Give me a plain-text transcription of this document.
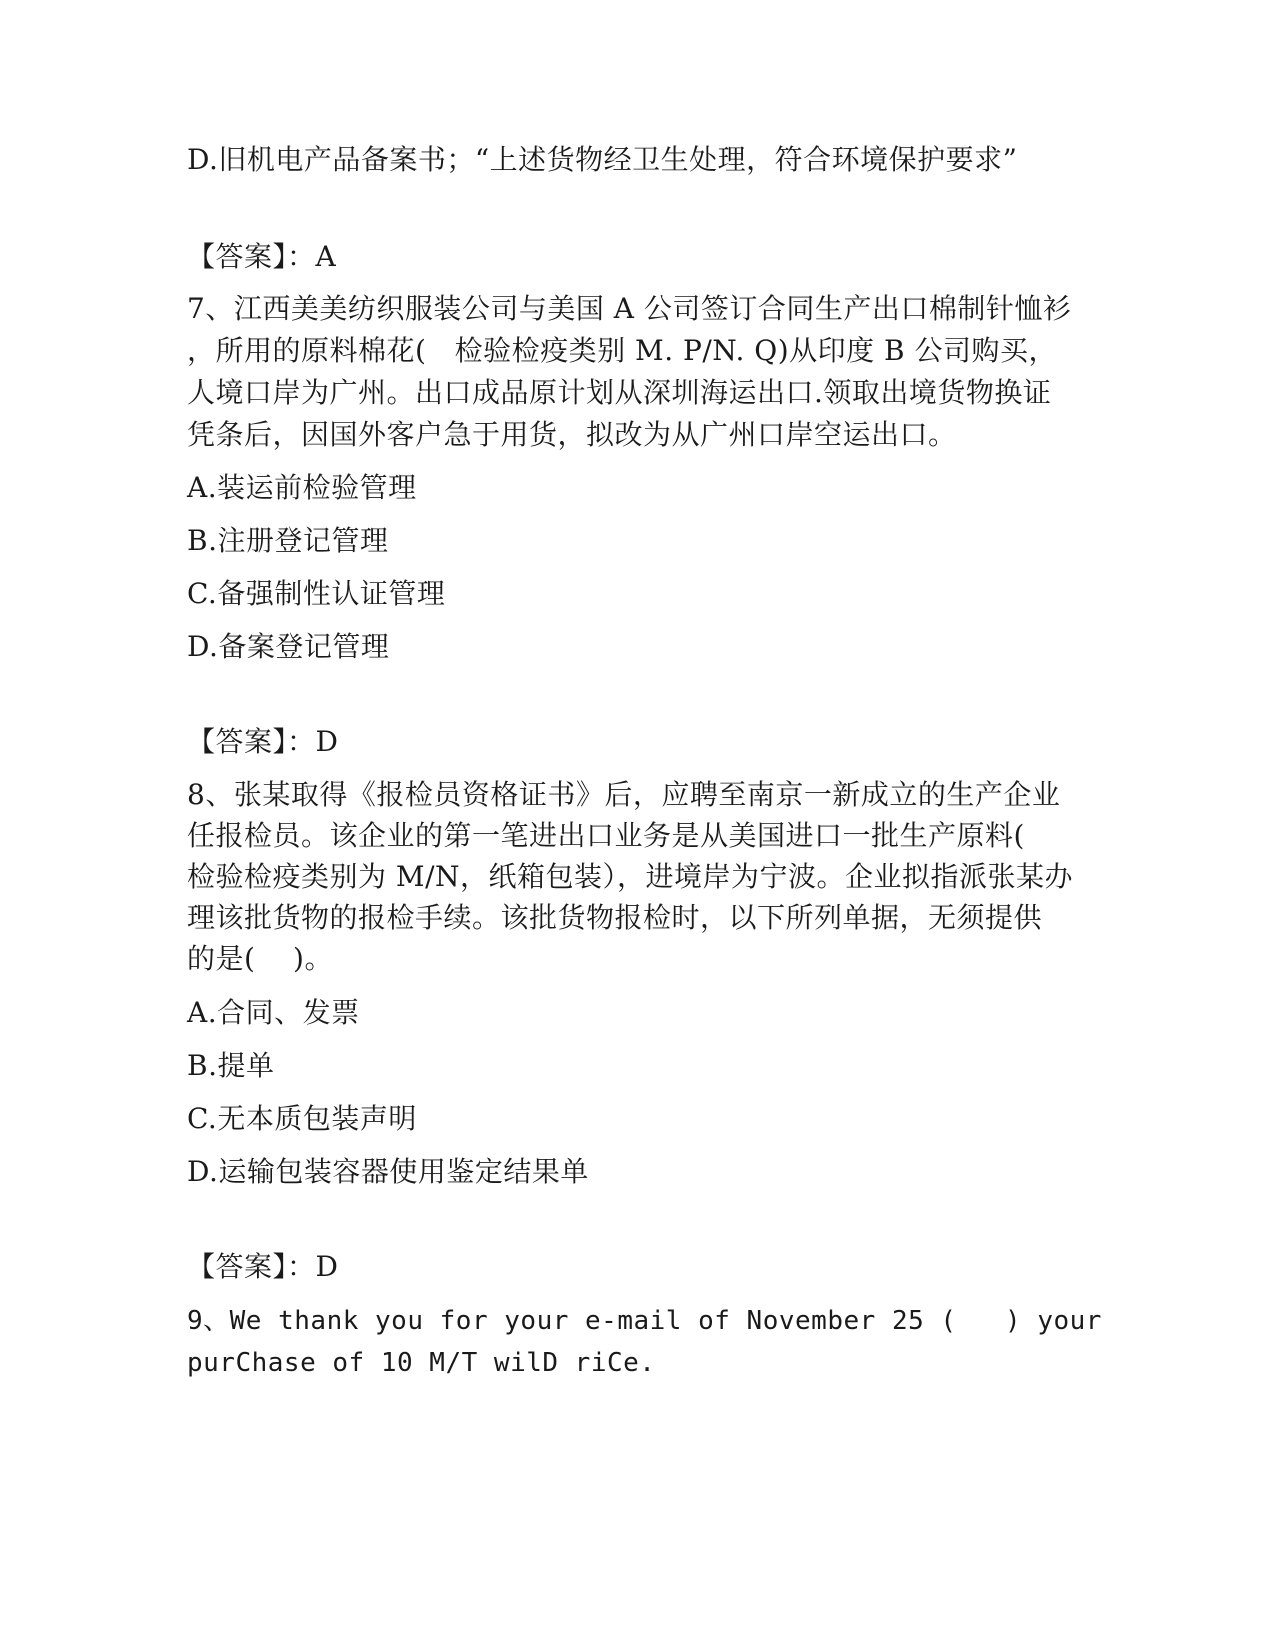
D.旧机电产品备案书；“上述货物经卫生处理，符合环境保护要求”
【答案】：A
7、江西美美纺织服装公司与美国 A 公司签订合同生产出口棉制针恤衫
，所用的原料棉花(   检验检疫类别 M. P/N. Q)从印度 B 公司购买，
人境口岸为广州。出口成品原计划从深圳海运出口.领取出境货物换证
凭条后，因国外客户急于用货，拟改为从广州口岸空运出口。
A.装运前检验管理
B.注册登记管理
C.备强制性认证管理
D.备案登记管理
【答案】：D
8、张某取得《报检员资格证书》后，应聘至南京一新成立的生产企业
任报检员。该企业的第一笔进出口业务是从美国进口一批生产原料(
检验检疫类别为 M/N，纸箱包装），进境岸为宁波。企业拟指派张某办
理该批货物的报检手续。该批货物报检时，以下所列单据，无须提供
的是(    )。
A.合同、发票
B.提单
C.无本质包装声明
D.运输包装容器使用鉴定结果单
【答案】：D
9、We thank you for your e-mail of November 25 (   ) your
purChase of 10 M/T wilD riCe.
